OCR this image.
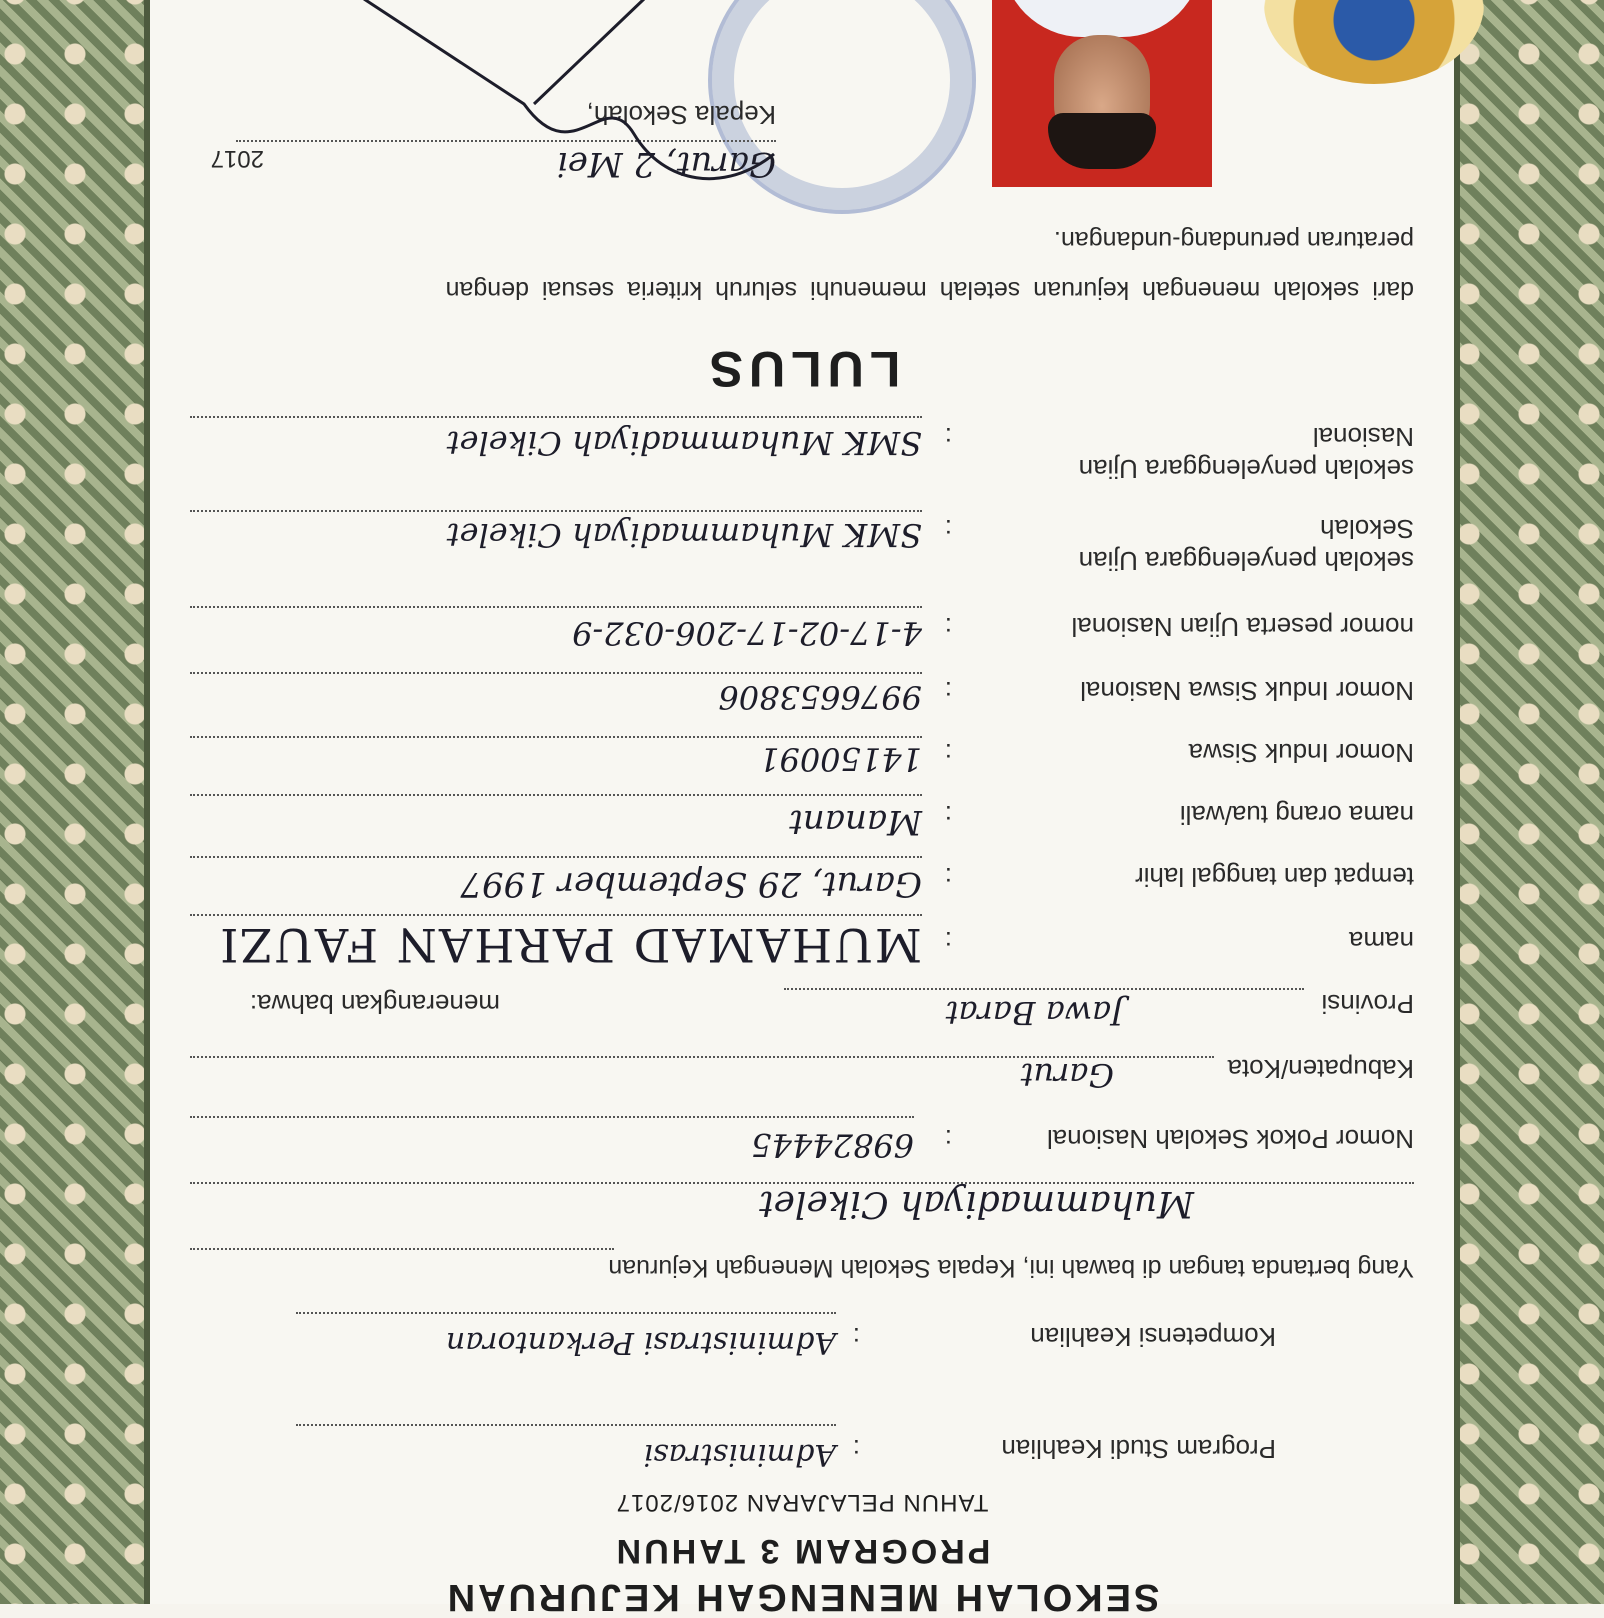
SEKOLAH MENENGAH KEJURUAN
PROGRAM 3 TAHUN
TAHUN PELAJARAN 2016/2017
Program Studi Keahlian
:
Administrasi
Kompetensi Keahlian
:
Administrasi Perkantoran
Yang bertanda tangan di bawah ini, Kepala Sekolah Menengah Kejuruan
Muhammadiyah Cikelet
Nomor Pokok Sekolah Nasional
:
69824445
Kabupaten/Kota
Garut
Provinsi
Jawa Barat
menerangkan bahwa:
nama
:
MUHAMAD PARHAN FAUZI
tempat dan tanggal lahir
:
Garut, 29 September 1997
nama orang tua/wali
:
Manant
Nomor Induk Siswa
:
14150091
Nomor Induk Siswa Nasional
:
9976653806
nomor peserta Ujian Nasional
:
4-17-02-17-206-032-9
sekolah penyelenggara Ujian
Sekolah
:
SMK Muhammadiyah Cikelet
sekolah penyelenggara Ujian
Nasional
:
SMK Muhammadiyah Cikelet
LULUS
dari sekolah menengah kejuruan setelah memenuhi seluruh kriteria sesuai dengan
peraturan perundang-undangan.
Garut, 2 Mei
2017
Kepala Sekolah,
